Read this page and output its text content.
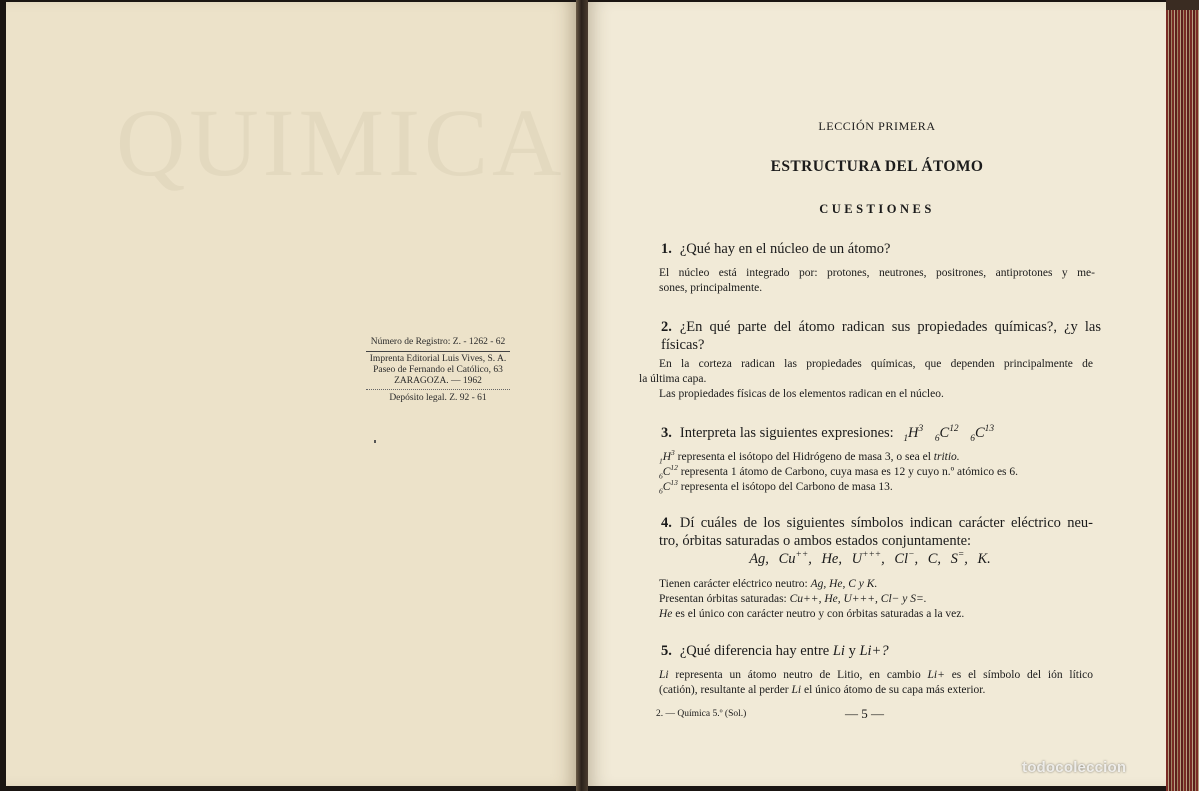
QUIMICA
Número de Registro: Z. - 1262 - 62
Imprenta Editorial Luis Vives, S. A.
Paseo de Fernando el Católico, 63
ZARAGOZA. — 1962
Depósito legal. Z. 92 - 61
LECCIÓN PRIMERA
ESTRUCTURA DEL ÁTOMO
CUESTIONES
1. ¿Qué hay en el núcleo de un átomo?

El núcleo está integrado por: protones, neutrones, positrones, antiprotones y me-

sones, principalmente.

2. ¿En qué parte del átomo radican sus propiedades químicas?, ¿y las
físicas?

En la corteza radican las propiedades químicas, que dependen principalmente de

la última capa.

Las propiedades físicas de los elementos radican en el núcleo.

3. Interpreta las siguientes expresiones: $_1H^3$ $_6C^{12}$ $_6C^{13}$

$_1H^3$ representa el isótopo del Hidrógeno de masa 3, o sea el tritio.

$_6C^{12}$ representa 1 átomo de Carbono, cuya masa es 12 y cuyo n.º atómico es 6.

$_6C^{13}$ representa el isótopo del Carbono de masa 13.

4. Dí cuáles de los siguientes símbolos indican carácter eléctrico neu-
tro, órbitas saturadas o ambos estados conjuntamente:
Ag, Cu++, He, U+++, Cl−, C, S=, K.

Tienen carácter eléctrico neutro: Ag, He, C y K.

Presentan órbitas saturadas: Cu++, He, U+++, Cl− y S=.

He es el único con carácter neutro y con órbitas saturadas a la vez.

5. ¿Qué diferencia hay entre Li y Li+?

Li representa un átomo neutro de Litio, en cambio Li+ es el símbolo del ión lítico

(catión), resultante al perder Li el único átomo de su capa más exterior.

2. — Química 5.º (Sol.)	— 5 —
todocoleccion
